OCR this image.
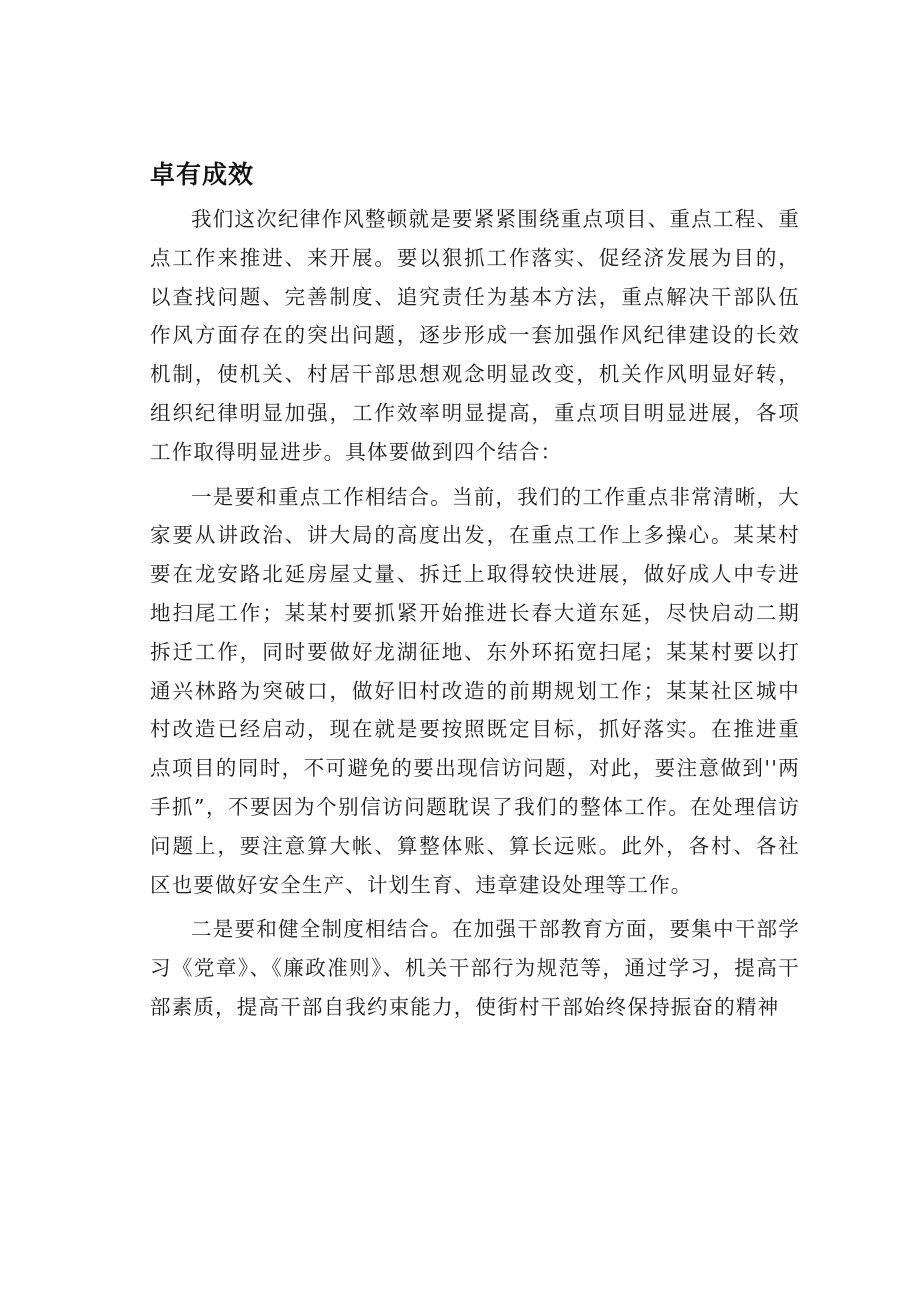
卓有成效

我们这次纪律作风整顿就是要紧紧围绕重点项目、重点工程、重点工作来推进、来开展。要以狠抓工作落实、促经济发展为目的，以查找问题、完善制度、追究责任为基本方法，重点解决干部队伍作风方面存在的突出问题，逐步形成一套加强作风纪律建设的长效机制，使机关、村居干部思想观念明显改变，机关作风明显好转，组织纪律明显加强，工作效率明显提高，重点项目明显进展，各项工作取得明显进步。具体要做到四个结合：

一是要和重点工作相结合。当前，我们的工作重点非常清晰，大家要从讲政治、讲大局的高度出发，在重点工作上多操心。某某村要在龙安路北延房屋丈量、拆迁上取得较快进展，做好成人中专进地扫尾工作；某某村要抓紧开始推进长春大道东延，尽快启动二期拆迁工作，同时要做好龙湖征地、东外环拓宽扫尾；某某村要以打通兴林路为突破口，做好旧村改造的前期规划工作；某某社区城中村改造已经启动，现在就是要按照既定目标，抓好落实。在推进重点项目的同时，不可避免的要出现信访问题，对此，要注意做到''两手抓”，不要因为个别信访问题耽误了我们的整体工作。在处理信访问题上，要注意算大帐、算整体账、算长远账。此外，各村、各社区也要做好安全生产、计划生育、违章建设处理等工作。

二是要和健全制度相结合。在加强干部教育方面，要集中干部学习《党章》、《廉政准则》、机关干部行为规范等，通过学习，提高干部素质，提高干部自我约束能力，使街村干部始终保持振奋的精神
